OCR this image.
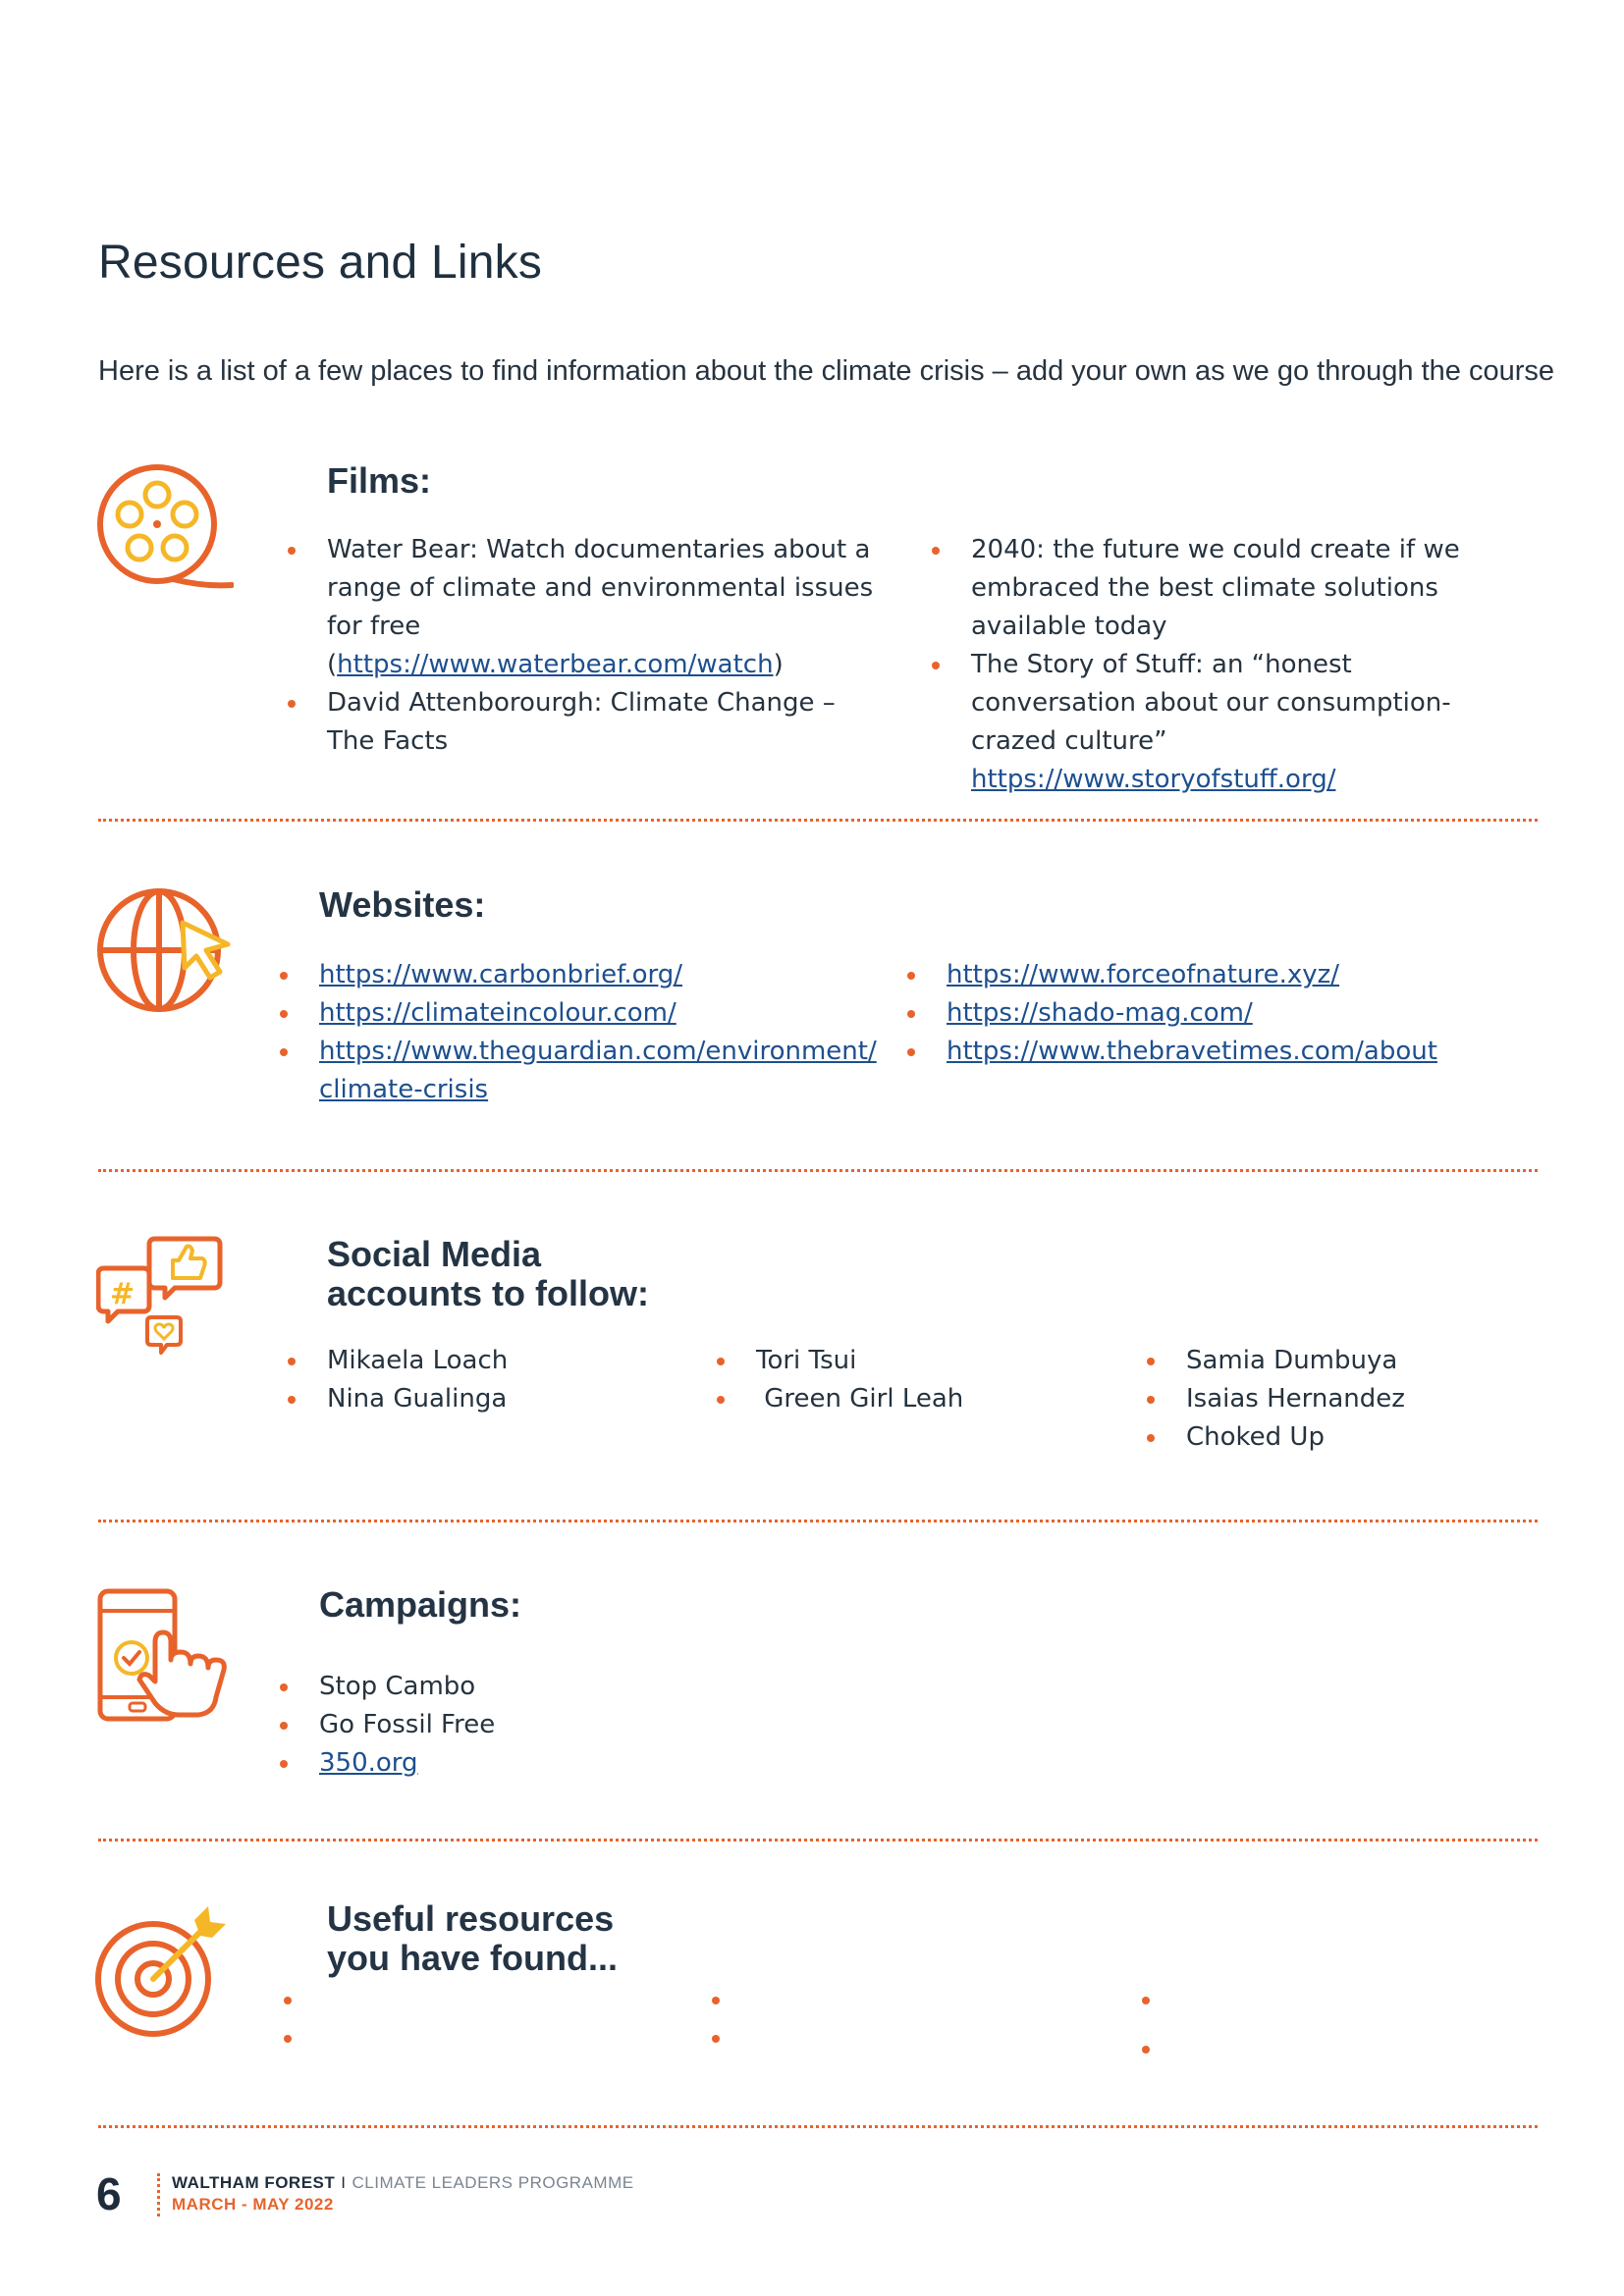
Resources and Links

Here is a list of a few places to find information about the climate crisis – add your own as we go through the course

Films:
Water Bear: Watch documentaries about a range of climate and environmental issues for free (https://www.waterbear.com/watch)
David Attenborourgh: Climate Change – The Facts
2040: the future we could create if we embraced the best climate solutions available today
The Story of Stuff: an “honest conversation about our consumption-crazed culture” https://www.storyofstuff.org/
Websites:
https://www.carbonbrief.org/
https://climateincolour.com/
https://www.theguardian.com/environment/ climate-crisis
https://www.forceofnature.xyz/
https://shado-mag.com/
https://www.thebravetimes.com/about
#
Social Media
accounts to follow:
Mikaela Loach
Nina Gualinga
Tori Tsui
Green Girl Leah
Samia Dumbuya
Isaias Hernandez
Choked Up
Campaigns:
Stop Cambo
Go Fossil Free
350.org
Useful resources
you have found...
6	WALTHAM FOREST I CLIMATE LEADERS PROGRAMME
MARCH - MAY 2022
